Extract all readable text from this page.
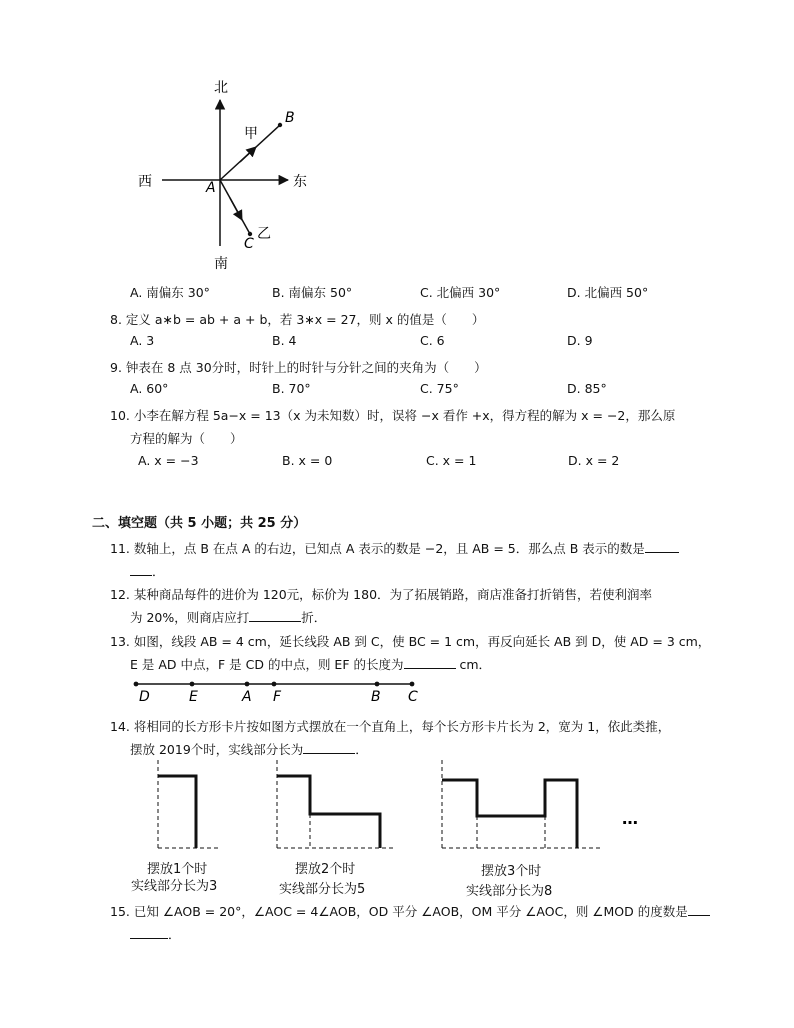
北
南
西	东
A
B
C
甲
乙
A. 南偏东 30°	B. 南偏东 50°	C. 北偏西 30°	D. 北偏西 50°
8. 定义 a∗b = ab + a + b，若 3∗x = 27，则 x 的值是（　　）
A. 3	B. 4	C. 6	D. 9
9. 钟表在 8 点 30分时，时针上的时针与分针之间的夹角为（　　）
A. 60°	B. 70°	C. 75°	D. 85°
10. 小李在解方程 5a−x = 13（x 为未知数）时，误将 −x 看作 +x，得方程的解为 x = −2，那么原
方程的解为（　　）
A. x = −3	B. x = 0	C. x = 1	D. x = 2
二、填空题（共 5 小题；共 25 分）
11. 数轴上，点 B 在点 A 的右边，已知点 A 表示的数是 −2，且 AB = 5．那么点 B 表示的数是
．
12. 某种商品每件的进价为 120元，标价为 180．为了拓展销路，商店准备打折销售，若使利润率
为 20%，则商店应打	折．
13. 如图，线段 AB = 4 cm，延长线段 AB 到 C，使 BC = 1 cm，再反向延长 AB 到 D，使 AD = 3 cm，
E 是 AD 中点，F 是 CD 的中点，则 EF 的长度为	cm．
D	E	A F	B C
14. 将相同的长方形卡片按如图方式摆放在一个直角上，每个长方形卡片长为 2，宽为 1，依此类推，
摆放 2019个时，实线部分长为	．
…
摆放1个时
实线部分长为3
摆放2个时
实线部分长为5
摆放3个时
实线部分长为8
15. 已知 ∠AOB = 20°，∠AOC = 4∠AOB，OD 平分 ∠AOB，OM 平分 ∠AOC，则 ∠MOD 的度数是
．
